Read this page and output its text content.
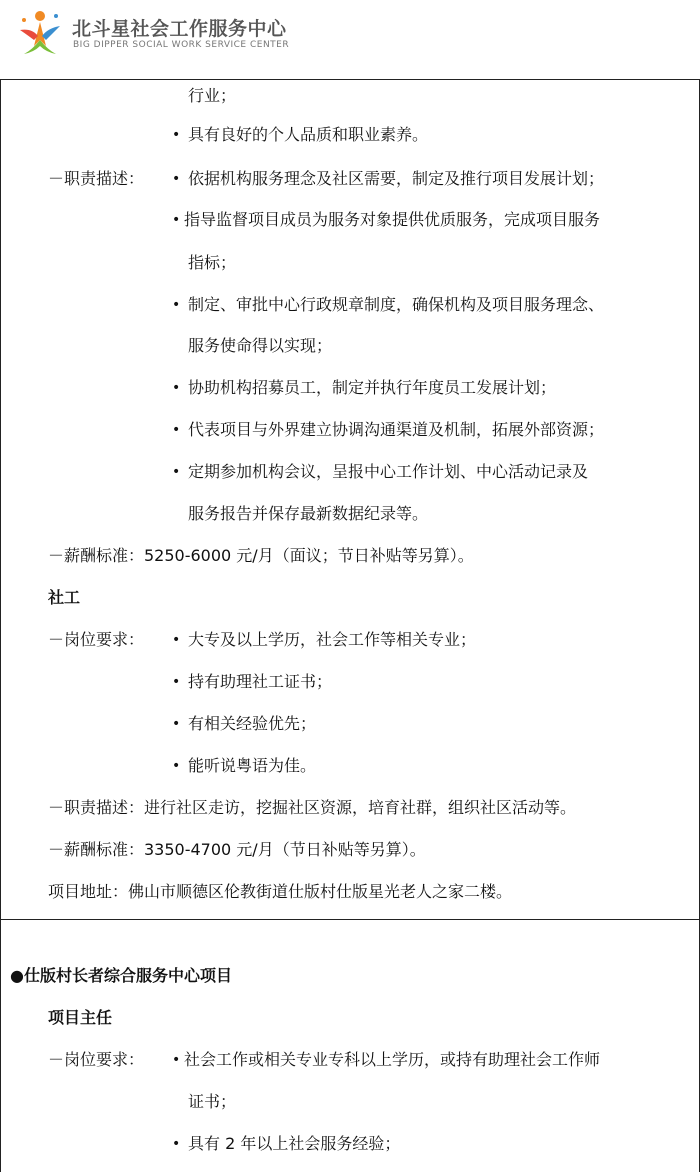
北斗星社会工作服务中心
BIG DIPPER SOCIAL WORK SERVICE CENTER
行业；
• 具有良好的个人品质和职业素养。
－职责描述： • 依据机构服务理念及社区需要，制定及推行项目发展计划；
• 指导监督项目成员为服务对象提供优质服务，完成项目服务
指标；
• 制定、审批中心行政规章制度，确保机构及项目服务理念、
服务使命得以实现；
• 协助机构招募员工，制定并执行年度员工发展计划；
• 代表项目与外界建立协调沟通渠道及机制，拓展外部资源；
• 定期参加机构会议，呈报中心工作计划、中心活动记录及
服务报告并保存最新数据纪录等。
－薪酬标准：5250-6000 元/月（面议；节日补贴等另算）。
社工
－岗位要求： • 大专及以上学历，社会工作等相关专业；
• 持有助理社工证书；
• 有相关经验优先；
• 能听说粤语为佳。
－职责描述：进行社区走访，挖掘社区资源，培育社群，组织社区活动等。
－薪酬标准：3350-4700 元/月（节日补贴等另算）。
项目地址：佛山市顺德区伦教街道仕版村仕版星光老人之家二楼。
●仕版村长者综合服务中心项目
项目主任
－岗位要求： • 社会工作或相关专业专科以上学历，或持有助理社会工作师
证书；
• 具有 2 年以上社会服务经验；
